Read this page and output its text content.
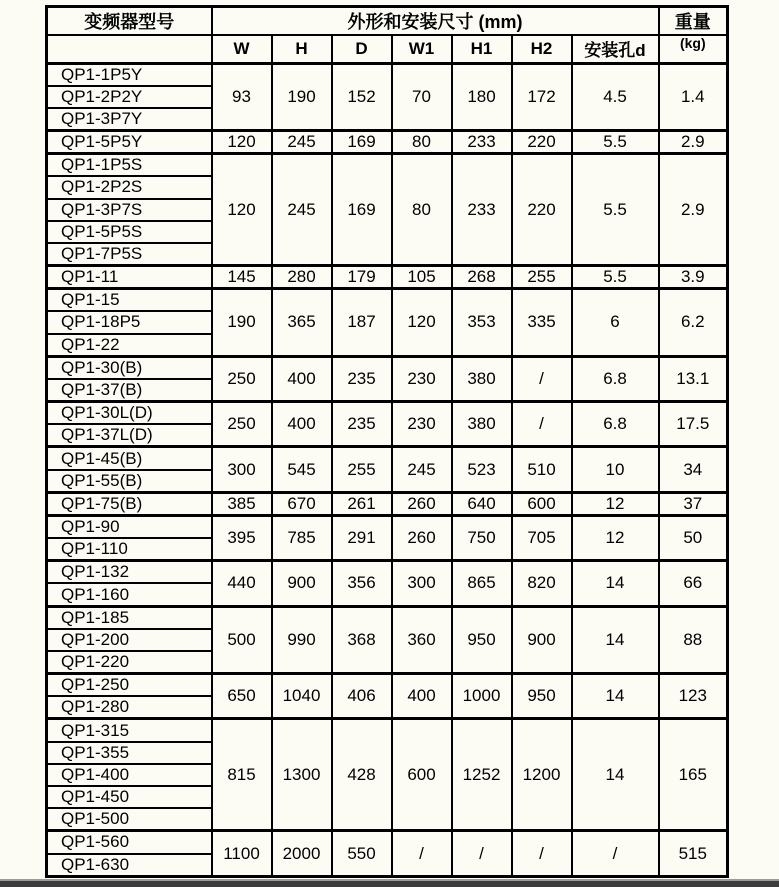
变频器型号	外形和安装尺寸 (mm)							重量
	W	H	D	W1	H1	H2	安装孔d	(kg)
QP1-1P5Y	93	190	152	70	180	172	4.5	1.4
QP1-2P2Y								
QP1-3P7Y								
QP1-5P5Y	120	245	169	80	233	220	5.5	2.9
QP1-1P5S	120	245	169	80	233	220	5.5	2.9
QP1-2P2S								
QP1-3P7S								
QP1-5P5S								
QP1-7P5S								
QP1-11	145	280	179	105	268	255	5.5	3.9
QP1-15	190	365	187	120	353	335	6	6.2
QP1-18P5								
QP1-22								
QP1-30(B)	250	400	235	230	380	/	6.8	13.1
QP1-37(B)								
QP1-30L(D)	250	400	235	230	380	/	6.8	17.5
QP1-37L(D)								
QP1-45(B)	300	545	255	245	523	510	10	34
QP1-55(B)								
QP1-75(B)	385	670	261	260	640	600	12	37
QP1-90	395	785	291	260	750	705	12	50
QP1-110								
QP1-132	440	900	356	300	865	820	14	66
QP1-160								
QP1-185	500	990	368	360	950	900	14	88
QP1-200								
QP1-220								
QP1-250	650	1040	406	400	1000	950	14	123
QP1-280								
QP1-315	815	1300	428	600	1252	1200	14	165
QP1-355								
QP1-400								
QP1-450								
QP1-500								
QP1-560	1100	2000	550	/	/	/	/	515
QP1-630								
